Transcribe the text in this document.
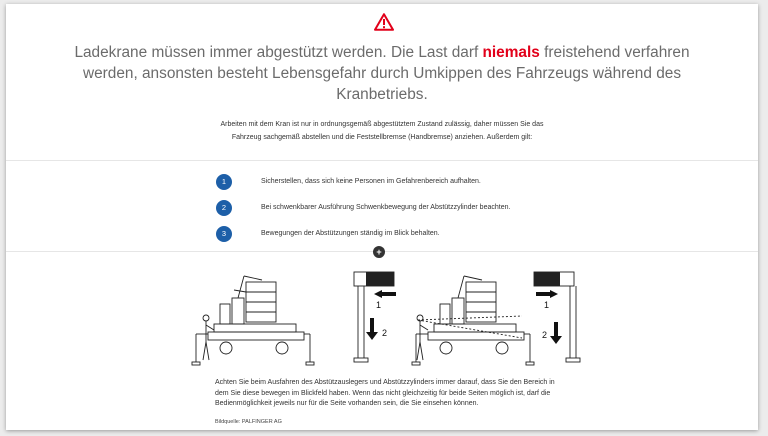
Ladekrane müssen immer abgestützt werden. Die Last darf niemals freistehend verfahren werden, ansonsten besteht Lebensgefahr durch Umkippen des Fahrzeugs während des Kranbetriebs.
Arbeiten mit dem Kran ist nur in ordnungsgemäß abgestütztem Zustand zulässig, daher müssen Sie das Fahrzeug sachgemäß abstellen und die Feststellbremse (Handbremse) anziehen. Außerdem gilt:
1	Sicherstellen, dass sich keine Personen im Gefahrenbereich aufhalten.
2	Bei schwenkbarer Ausführung Schwenkbewegung der Abstützzylinder beachten.
3	Bewegungen der Abstützungen ständig im Blick behalten.
+
1
2
1
2
Achten Sie beim Ausfahren des Abstützauslegers und Abstützzylinders immer darauf, dass Sie den Bereich in dem Sie diese bewegen im Blickfeld haben. Wenn das nicht gleichzeitig für beide Seiten möglich ist, darf die Bedienmöglichkeit jeweils nur für die Seite vorhanden sein, die Sie einsehen können.
Bildquelle: PALFINGER AG
